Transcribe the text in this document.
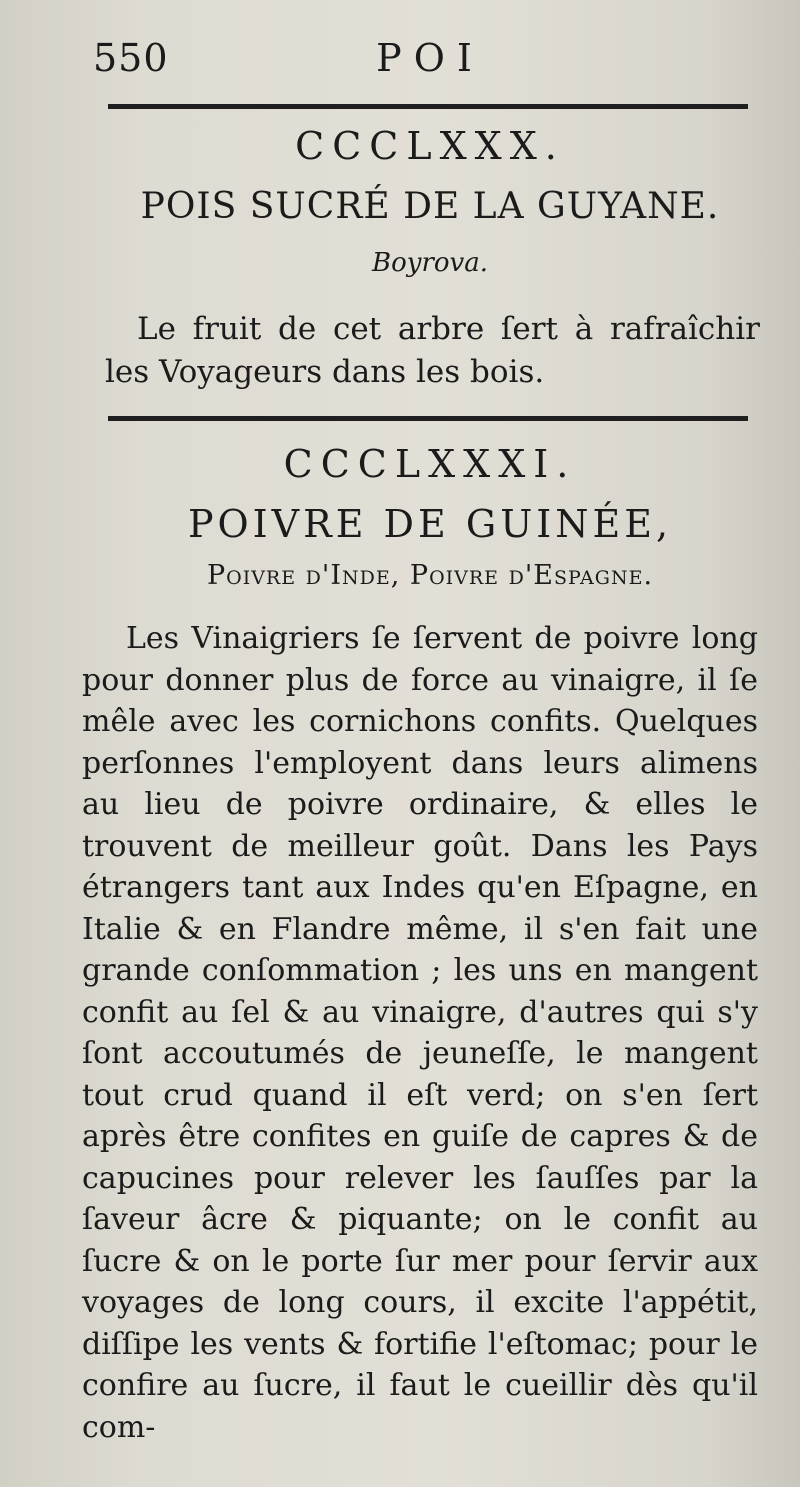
550	POI
CCCLXXX.
POIS SUCRÉ DE LA GUYANE.
Boyrova.

Le fruit de cet arbre ſert à rafraîchir les Voyageurs dans les bois.

CCCLXXXI.
POIVRE DE GUINÉE,
Poivre d'Inde, Poivre d'Espagne.

Les Vinaigriers ſe ſervent de poivre long pour donner plus de force au vinaigre, il ſe mêle avec les cornichons confits. Quelques perſonnes l'employent dans leurs alimens au lieu de poivre ordinaire, & elles le trouvent de meilleur goût. Dans les Pays étrangers tant aux Indes qu'en Eſpagne, en Italie & en Flandre même, il s'en fait une grande conſommation ; les uns en mangent confit au ſel & au vinaigre, d'autres qui s'y ſont accoutumés de jeuneſſe, le mangent tout crud quand il eſt verd; on s'en ſert après être confites en guiſe de capres & de capucines pour relever les ſauſſes par la ſaveur âcre & piquante; on le confit au ſucre & on le porte ſur mer pour ſervir aux voyages de long cours, il excite l'appétit, diſſipe les vents & fortifie l'eſtomac; pour le confire au ſucre, il faut le cueillir dès qu'il com-
